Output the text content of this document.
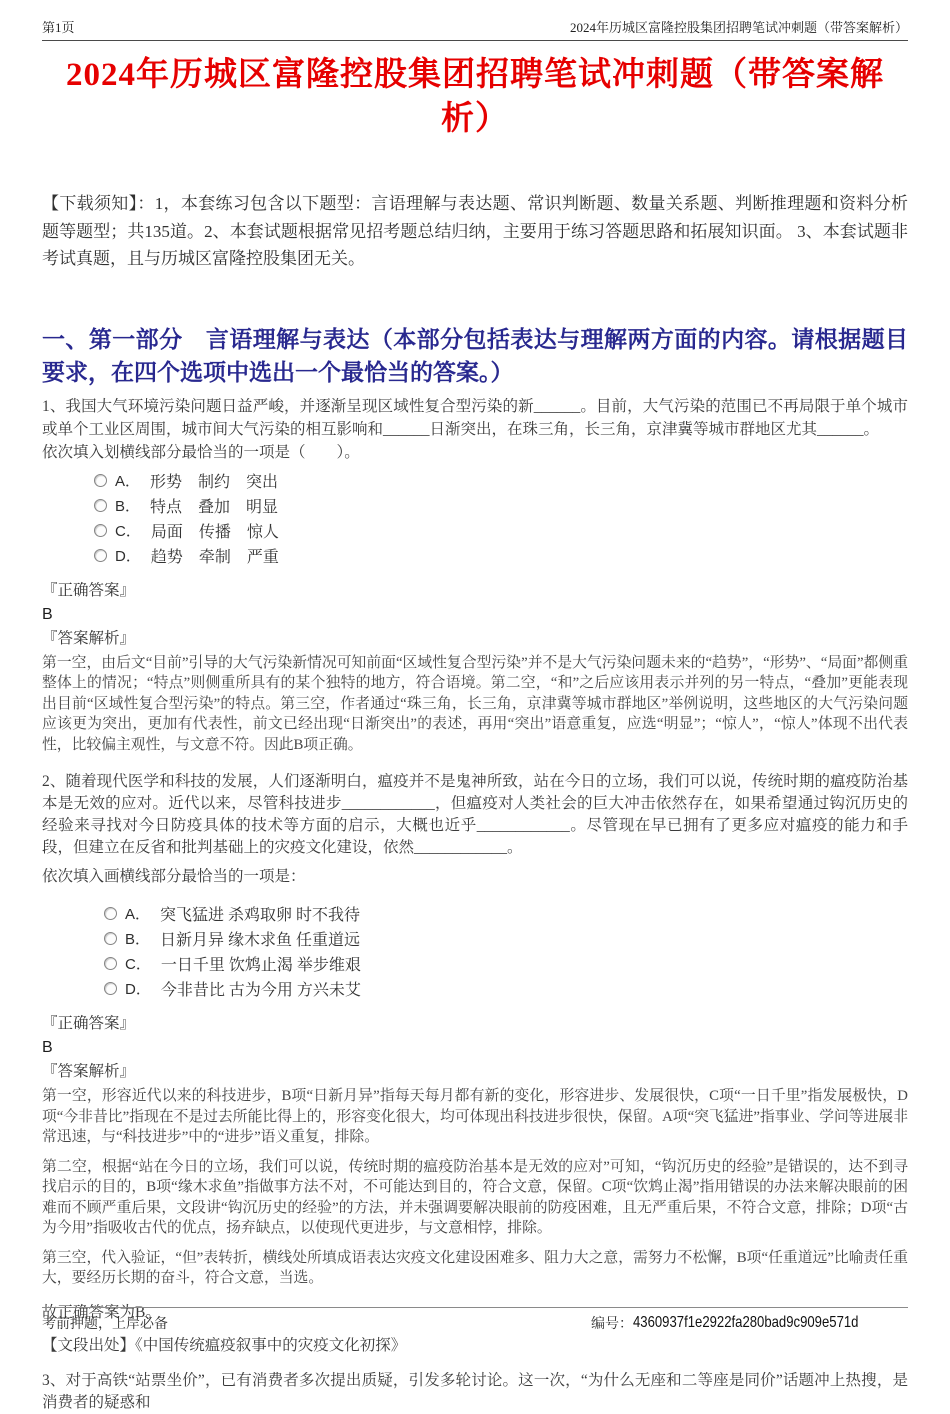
第1页	2024年历城区富隆控股集团招聘笔试冲刺题（带答案解析）
2024年历城区富隆控股集团招聘笔试冲刺题（带答案解析）
【下载须知】：1，本套练习包含以下题型：言语理解与表达题、常识判断题、数量关系题、判断推理题和资料分析题等题型；共135道。2、本套试题根据常见招考题总结归纳，主要用于练习答题思路和拓展知识面。 3、本套试题非考试真题，且与历城区富隆控股集团无关。
一、第一部分　言语理解与表达（本部分包括表达与理解两方面的内容。请根据题目要求，在四个选项中选出一个最恰当的答案。）
1、我国大气环境污染问题日益严峻，并逐渐呈现区域性复合型污染的新______。目前，大气污染的范围已不再局限于单个城市或单个工业区周围，城市间大气污染的相互影响和______日渐突出，在珠三角，长三角，京津冀等城市群地区尤其______。
依次填入划横线部分最恰当的一项是（　　）。
A． 形势　制约　突出
B． 特点　叠加　明显
C． 局面　传播　惊人
D． 趋势　牵制　严重
『正确答案』
B
『答案解析』
第一空，由后文“目前”引导的大气污染新情况可知前面“区域性复合型污染”并不是大气污染问题未来的“趋势”，“形势”、“局面”都侧重整体上的情况；“特点”则侧重所具有的某个独特的地方，符合语境。第二空，“和”之后应该用表示并列的另一特点，“叠加”更能表现出目前“区域性复合型污染”的特点。第三空，作者通过“珠三角，长三角，京津冀等城市群地区”举例说明，这些地区的大气污染问题应该更为突出，更加有代表性，前文已经出现“日渐突出”的表述，再用“突出”语意重复，应选“明显”；“惊人”，“惊人”体现不出代表性，比较偏主观性，与文意不符。因此B项正确。
2、随着现代医学和科技的发展，人们逐渐明白，瘟疫并不是鬼神所致，站在今日的立场，我们可以说，传统时期的瘟疫防治基本是无效的应对。近代以来，尽管科技进步____________，但瘟疫对人类社会的巨大冲击依然存在，如果希望通过钩沉历史的经验来寻找对今日防疫具体的技术等方面的启示，大概也近乎____________。尽管现在早已拥有了更多应对瘟疫的能力和手段，但建立在反省和批判基础上的灾疫文化建设，依然____________。
依次填入画横线部分最恰当的一项是：
A． 突飞猛进 杀鸡取卵 时不我待
B． 日新月异 缘木求鱼 任重道远
C． 一日千里 饮鸩止渴 举步维艰
D． 今非昔比 古为今用 方兴未艾
『正确答案』
B
『答案解析』
第一空，形容近代以来的科技进步，B项“日新月异”指每天每月都有新的变化，形容进步、发展很快，C项“一日千里”指发展极快，D项“今非昔比”指现在不是过去所能比得上的，形容变化很大，均可体现出科技进步很快，保留。A项“突飞猛进”指事业、学问等进展非常迅速，与“科技进步”中的“进步”语义重复，排除。
第二空，根据“站在今日的立场，我们可以说，传统时期的瘟疫防治基本是无效的应对”可知，“钩沉历史的经验”是错误的，达不到寻找启示的目的，B项“缘木求鱼”指做事方法不对，不可能达到目的，符合文意，保留。C项“饮鸩止渴”指用错误的办法来解决眼前的困难而不顾严重后果，文段讲“钩沉历史的经验”的方法，并未强调要解决眼前的防疫困难，且无严重后果，不符合文意，排除；D项“古为今用”指吸收古代的优点，扬弃缺点，以使现代更进步，与文意相悖，排除。
第三空，代入验证，“但”表转折，横线处所填成语表达灾疫文化建设困难多、阻力大之意，需努力不松懈，B项“任重道远”比喻责任重大，要经历长期的奋斗，符合文意，当选。
故正确答案为B。
【文段出处】《中国传统瘟疫叙事中的灾疫文化初探》
3、对于高铁“站票坐价”，已有消费者多次提出质疑，引发多轮讨论。这一次，“为什么无座和二等座是同价”话题冲上热搜，是消费者的疑惑和
考前押题，上岸必备	编号： 4360937f1e2922fa280bad9c909e571d
